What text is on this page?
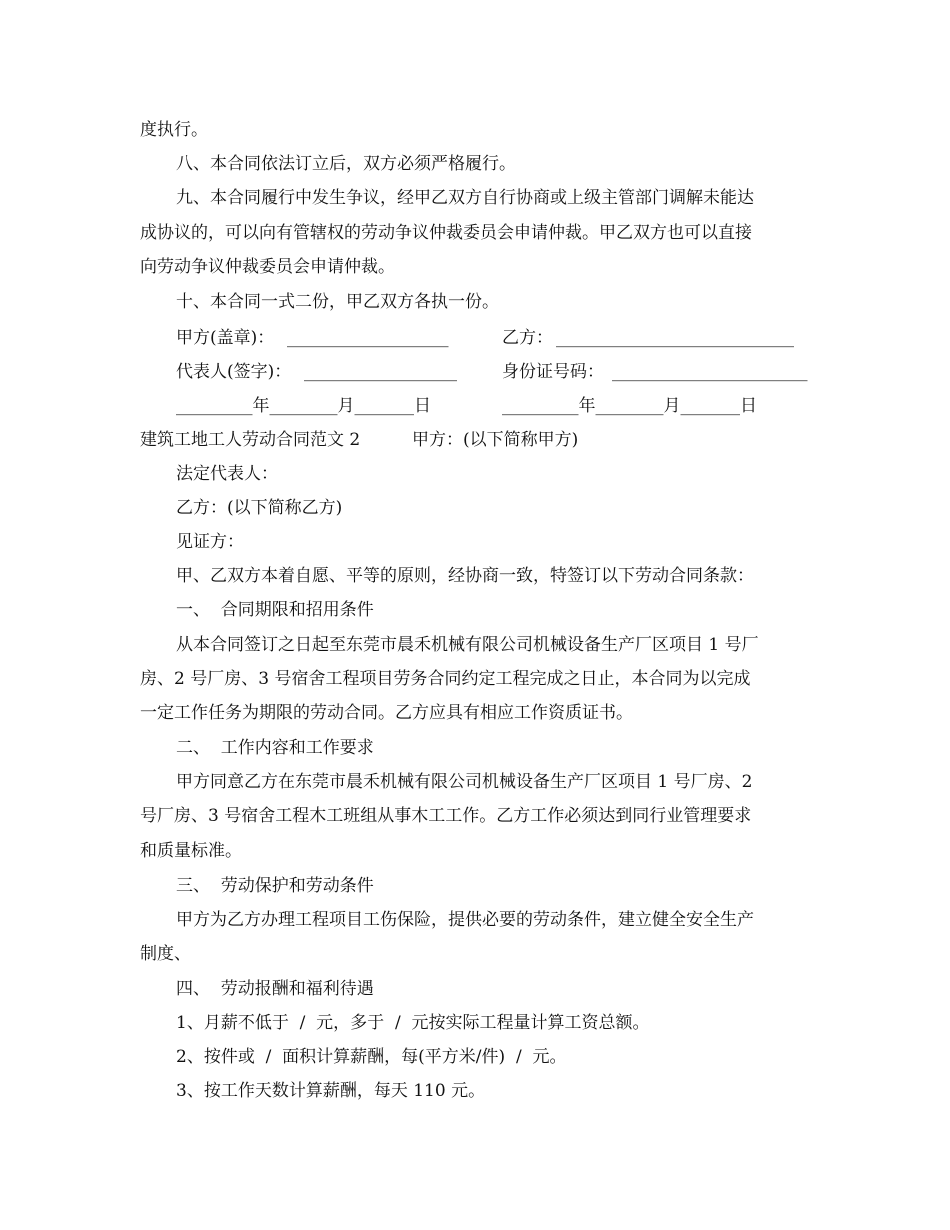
度执行。
八、本合同依法订立后，双方必须严格履行。
九、本合同履行中发生争议，经甲乙双方自行协商或上级主管部门调解未能达
成协议的，可以向有管辖权的劳动争议仲裁委员会申请仲裁。甲乙双方也可以直接
向劳动争议仲裁委员会申请仲裁。
十、本合同一式二份，甲乙双方各执一份。
甲方(盖章)： ___________________	乙方： ____________________________
代表人(签字)： __________________	身份证号码： _______________________
_________年________月_______日	_________年________月_______日
建筑工地工人劳动合同范文 2	甲方：(以下简称甲方)
法定代表人：
乙方：(以下简称乙方)
见证方：
甲、乙双方本着自愿、平等的原则，经协商一致，特签订以下劳动合同条款：
一、  合同期限和招用条件
从本合同签订之日起至东莞市晨禾机械有限公司机械设备生产厂区项目 1 号厂
房、2 号厂房、3 号宿舍工程项目劳务合同约定工程完成之日止，本合同为以完成
一定工作任务为期限的劳动合同。乙方应具有相应工作资质证书。
二、  工作内容和工作要求
甲方同意乙方在东莞市晨禾机械有限公司机械设备生产厂区项目 1 号厂房、2
号厂房、3 号宿舍工程木工班组从事木工工作。乙方工作必须达到同行业管理要求
和质量标准。
三、  劳动保护和劳动条件
甲方为乙方办理工程项目工伤保险，提供必要的劳动条件，建立健全安全生产
制度、
四、  劳动报酬和福利待遇
1、月薪不低于  /  元，多于  /  元按实际工程量计算工资总额。
2、按件或  /  面积计算薪酬，每(平方米/件)  /  元。
3、按工作天数计算薪酬，每天 110 元。
